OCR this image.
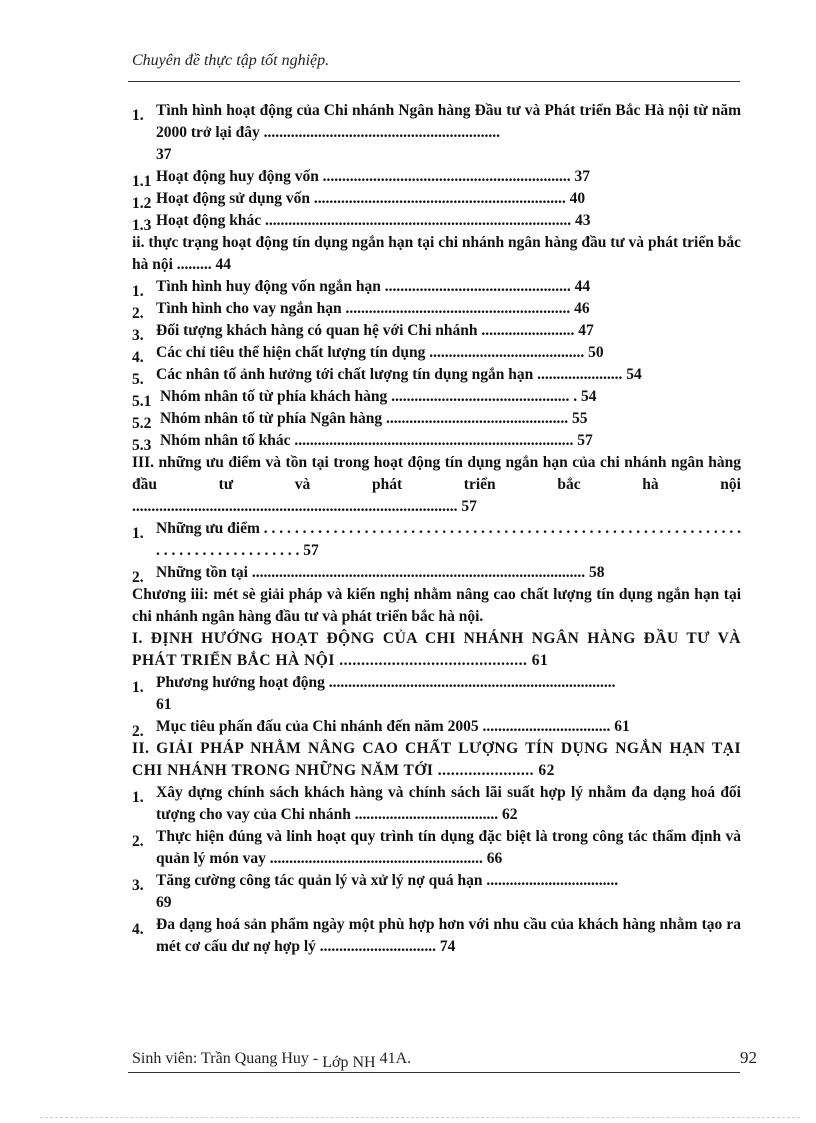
Chuyên đề thực tập tốt nghiệp.
1. Tình hình hoạt động của Chi nhánh Ngân hàng Đầu tư và Phát triển Bắc Hà nội từ năm 2000 trở lại đây .............................................................
37
1.1 Hoạt động huy động vốn ................................................................ 37
1.2 Hoạt động sử dụng vốn ................................................................. 40
1.3 Hoạt động khác ............................................................................... 43
ii. thực trạng hoạt động tín dụng ngắn hạn tại chi nhánh ngân hàng đầu tư và phát triển bắc hà nội ......... 44
1. Tình hình huy động vốn ngắn hạn ................................................ 44
2. Tình hình cho vay ngắn hạn .......................................................... 46
3. Đối tượng khách hàng có quan hệ với Chi nhánh ........................ 47
4. Các chỉ tiêu thể hiện chất lượng tín dụng ........................................ 50
5. Các nhân tố ảnh hưởng tới chất lượng tín dụng ngắn hạn ...................... 54
5.1 Nhóm nhân tố từ phía khách hàng .............................................. . 54
5.2 Nhóm nhân tố từ phía Ngân hàng ............................................... 55
5.3 Nhóm nhân tố khác ........................................................................ 57
III. những ưu điểm và tồn tại trong hoạt động tín dụng ngắn hạn của chi nhánh ngân hàng đầu tư và phát triển bắc hà nội
.................................................................................... 57
1. Những ưu điểm . . . . . . . . . . . . . . . . . . . . . . . . . . . . . . . . . . . . . . . . . . . . . . . . . . . . . . . . . . . . . . . . . . . . . . . . . . . . . . . . . 57
2. Những tồn tại ...................................................................................... 58
Chương iii: mét sè giải pháp và kiến nghị nhằm nâng cao chất lượng tín dụng ngắn hạn tại chi nhánh ngân hàng đầu tư và phát triển bắc hà nội.
I. ĐỊNH HƯỚNG HOẠT ĐỘNG CỦA CHI NHÁNH NGÂN HÀNG ĐẦU TƯ VÀ PHÁT TRIỂN BẮC HÀ NỘI ........................................... 61
1. Phương hướng hoạt động ..........................................................................
61
2. Mục tiêu phấn đấu của Chi nhánh đến năm 2005 ................................. 61
II. GIẢI PHÁP NHẰM NÂNG CAO CHẤT LƯỢNG TÍN DỤNG NGẮN HẠN TẠI CHI NHÁNH TRONG NHỮNG NĂM TỚI ...................... 62
1. Xây dựng chính sách khách hàng và chính sách lãi suất hợp lý nhằm đa dạng hoá đối tượng cho vay của Chi nhánh ..................................... 62
2. Thực hiện đúng và linh hoạt quy trình tín dụng đặc biệt là trong công tác thẩm định và quản lý món vay ....................................................... 66
3. Tăng cường công tác quản lý và xử lý nợ quá hạn ..................................
69
4. Đa dạng hoá sản phẩm ngày một phù hợp hơn với nhu cầu của khách hàng nhằm tạo ra mét cơ cấu dư nợ hợp lý .............................. 74
Sinh viên: Trần Quang Huy - Lớp NH 41A.	92
